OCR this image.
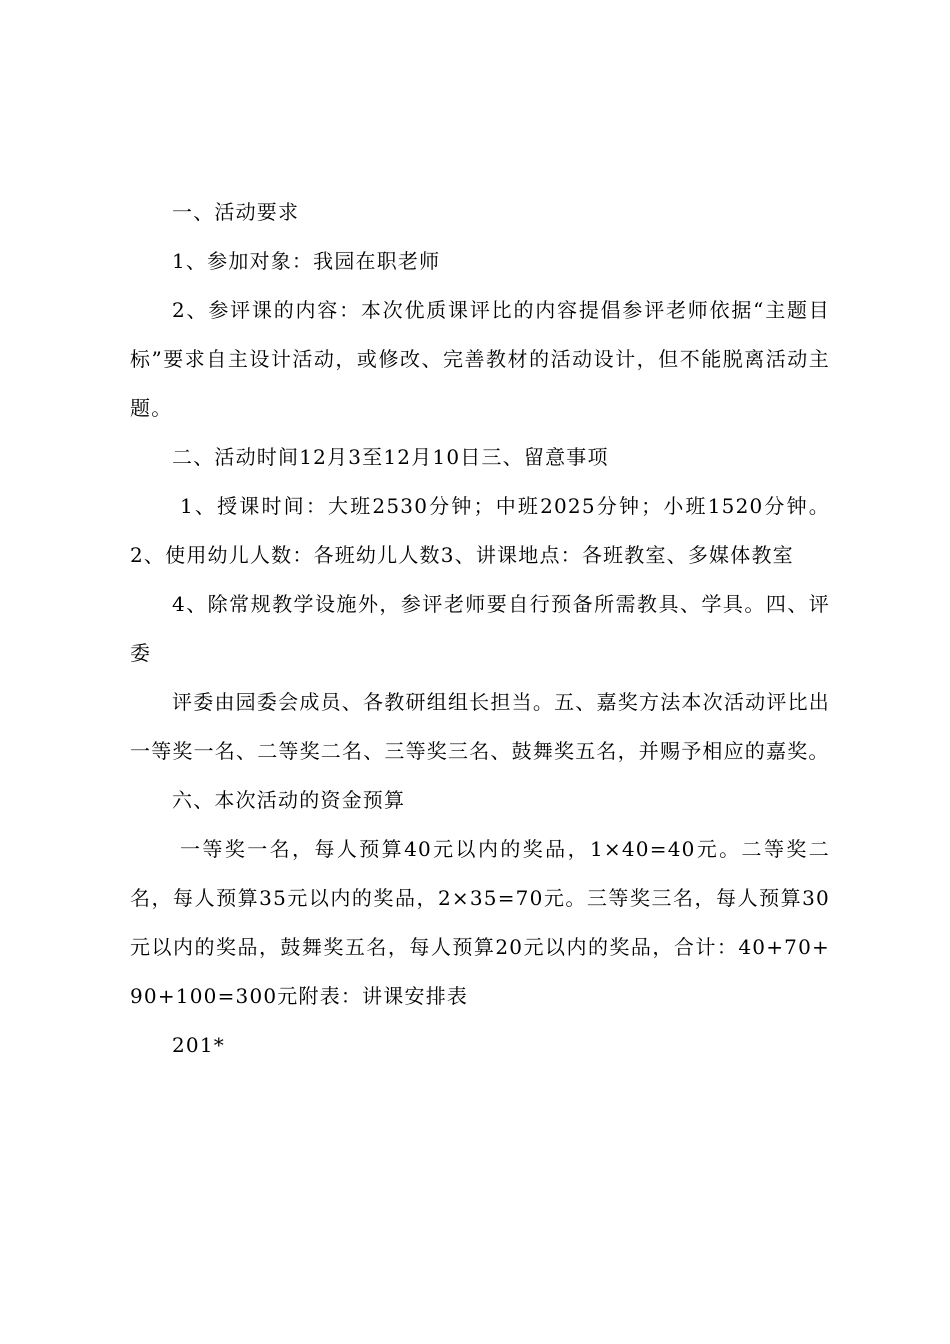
一、活动要求

1、参加对象：我园在职老师

2、参评课的内容：本次优质课评比的内容提倡参评老师依据“主题目标”要求自主设计活动，或修改、完善教材的活动设计，但不能脱离活动主题。

二、活动时间12月3至12月10日三、留意事项

1、授课时间：大班2530分钟；中班2025分钟；小班1520分钟。2、使用幼儿人数：各班幼儿人数3、讲课地点：各班教室、多媒体教室

4、除常规教学设施外，参评老师要自行预备所需教具、学具。四、评委

评委由园委会成员、各教研组组长担当。五、嘉奖方法本次活动评比出一等奖一名、二等奖二名、三等奖三名、鼓舞奖五名，并赐予相应的嘉奖。

六、本次活动的资金预算

一等奖一名，每人预算40元以内的奖品，1×40=40元。二等奖二名，每人预算35元以内的奖品，2×35=70元。三等奖三名，每人预算30元以内的奖品，鼓舞奖五名，每人预算20元以内的奖品，合计：40+70+90+100=300元附表：讲课安排表

201*
